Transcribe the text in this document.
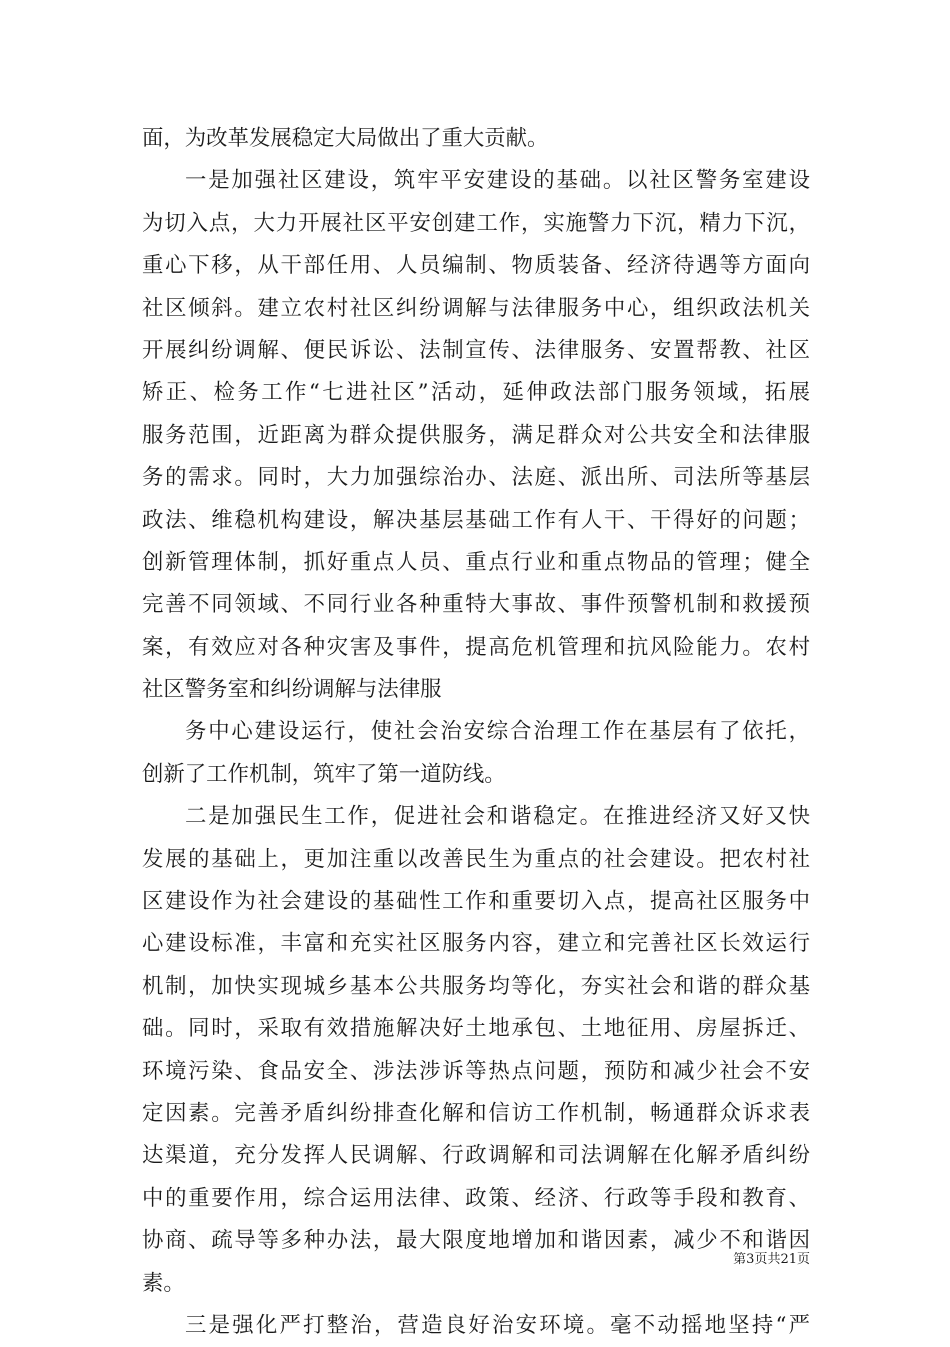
面，为改革发展稳定大局做出了重大贡献。
一是加强社区建设，筑牢平安建设的基础。以社区警务室建设
为切入点，大力开展社区平安创建工作，实施警力下沉，精力下沉，
重心下移，从干部任用、人员编制、物质装备、经济待遇等方面向
社区倾斜。建立农村社区纠纷调解与法律服务中心，组织政法机关
开展纠纷调解、便民诉讼、法制宣传、法律服务、安置帮教、社区
矫正、检务工作“七进社区”活动，延伸政法部门服务领域，拓展
服务范围，近距离为群众提供服务，满足群众对公共安全和法律服
务的需求。同时，大力加强综治办、法庭、派出所、司法所等基层
政法、维稳机构建设，解决基层基础工作有人干、干得好的问题；
创新管理体制，抓好重点人员、重点行业和重点物品的管理；健全
完善不同领域、不同行业各种重特大事故、事件预警机制和救援预
案，有效应对各种灾害及事件，提高危机管理和抗风险能力。农村
社区警务室和纠纷调解与法律服
务中心建设运行，使社会治安综合治理工作在基层有了依托，
创新了工作机制，筑牢了第一道防线。
二是加强民生工作，促进社会和谐稳定。在推进经济又好又快
发展的基础上，更加注重以改善民生为重点的社会建设。把农村社
区建设作为社会建设的基础性工作和重要切入点，提高社区服务中
心建设标准，丰富和充实社区服务内容，建立和完善社区长效运行
机制，加快实现城乡基本公共服务均等化，夯实社会和谐的群众基
础。同时，采取有效措施解决好土地承包、土地征用、房屋拆迁、
环境污染、食品安全、涉法涉诉等热点问题，预防和减少社会不安
定因素。完善矛盾纠纷排查化解和信访工作机制，畅通群众诉求表
达渠道，充分发挥人民调解、行政调解和司法调解在化解矛盾纠纷
中的重要作用，综合运用法律、政策、经济、行政等手段和教育、
协商、疏导等多种办法，最大限度地增加和谐因素，减少不和谐因
素。
三是强化严打整治，营造良好治安环境。毫不动摇地坚持“严
第3页共21页
